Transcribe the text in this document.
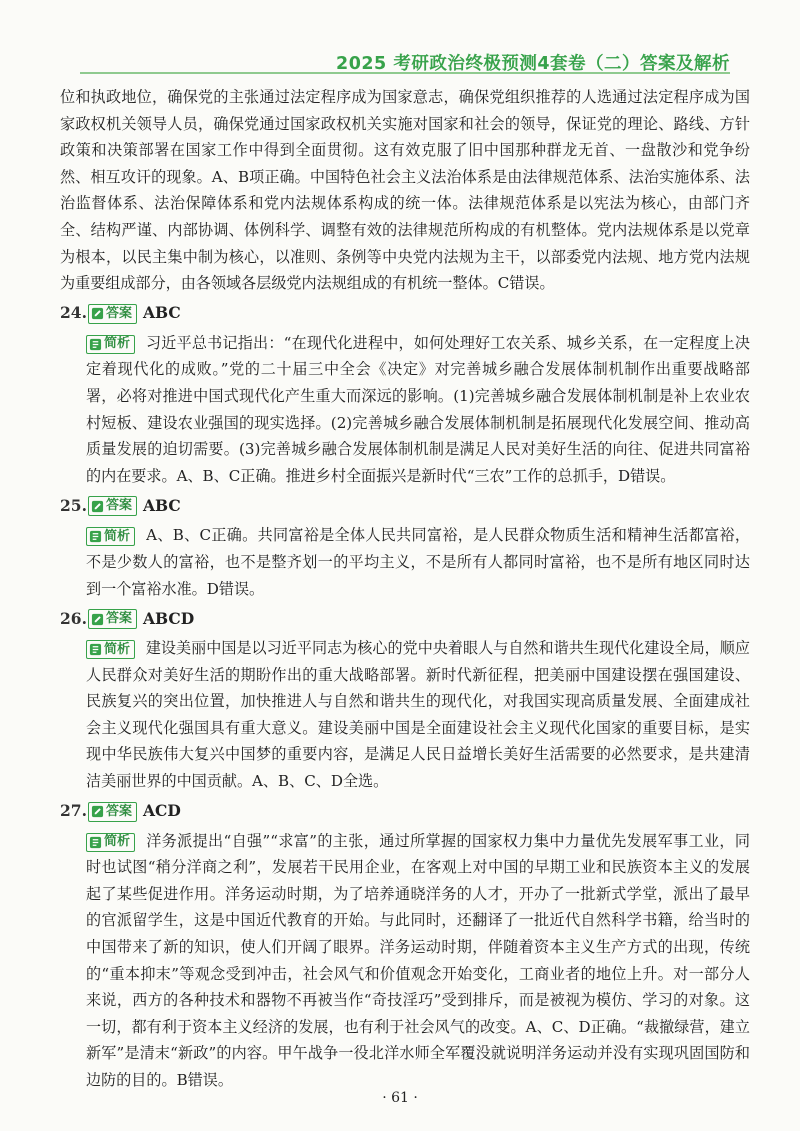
2025 考研政治终极预测4套卷（二）答案及解析

位和执政地位，确保党的主张通过法定程序成为国家意志，确保党组织推荐的人选通过法定程序成为国家政权机关领导人员，确保党通过国家政权机关实施对国家和社会的领导，保证党的理论、路线、方针政策和决策部署在国家工作中得到全面贯彻。这有效克服了旧中国那种群龙无首、一盘散沙和党争纷然、相互攻讦的现象。A、B项正确。中国特色社会主义法治体系是由法律规范体系、法治实施体系、法治监督体系、法治保障体系和党内法规体系构成的统一体。法律规范体系是以宪法为核心，由部门齐全、结构严谨、内部协调、体例科学、调整有效的法律规范所构成的有机整体。党内法规体系是以党章为根本，以民主集中制为核心，以准则、条例等中央党内法规为主干，以部委党内法规、地方党内法规为重要组成部分，由各领域各层级党内法规组成的有机统一整体。C错误。

24. 答案 ABC

简析 习近平总书记指出：“在现代化进程中，如何处理好工农关系、城乡关系，在一定程度上决定着现代化的成败。”党的二十届三中全会《决定》对完善城乡融合发展体制机制作出重要战略部署，必将对推进中国式现代化产生重大而深远的影响。(1)完善城乡融合发展体制机制是补上农业农村短板、建设农业强国的现实选择。(2)完善城乡融合发展体制机制是拓展现代化发展空间、推动高质量发展的迫切需要。(3)完善城乡融合发展体制机制是满足人民对美好生活的向往、促进共同富裕的内在要求。A、B、C正确。推进乡村全面振兴是新时代“三农”工作的总抓手，D错误。

25. 答案 ABC

简析 A、B、C正确。共同富裕是全体人民共同富裕，是人民群众物质生活和精神生活都富裕，不是少数人的富裕，也不是整齐划一的平均主义，不是所有人都同时富裕，也不是所有地区同时达到一个富裕水准。D错误。

26. 答案 ABCD

简析 建设美丽中国是以习近平同志为核心的党中央着眼人与自然和谐共生现代化建设全局，顺应人民群众对美好生活的期盼作出的重大战略部署。新时代新征程，把美丽中国建设摆在强国建设、民族复兴的突出位置，加快推进人与自然和谐共生的现代化，对我国实现高质量发展、全面建成社会主义现代化强国具有重大意义。建设美丽中国是全面建设社会主义现代化国家的重要目标，是实现中华民族伟大复兴中国梦的重要内容，是满足人民日益增长美好生活需要的必然要求，是共建清洁美丽世界的中国贡献。A、B、C、D全选。

27. 答案 ACD

简析 洋务派提出“自强”“求富”的主张，通过所掌握的国家权力集中力量优先发展军事工业，同时也试图“稍分洋商之利”，发展若干民用企业，在客观上对中国的早期工业和民族资本主义的发展起了某些促进作用。洋务运动时期，为了培养通晓洋务的人才，开办了一批新式学堂，派出了最早的官派留学生，这是中国近代教育的开始。与此同时，还翻译了一批近代自然科学书籍，给当时的中国带来了新的知识，使人们开阔了眼界。洋务运动时期，伴随着资本主义生产方式的出现，传统的“重本抑末”等观念受到冲击，社会风气和价值观念开始变化，工商业者的地位上升。对一部分人来说，西方的各种技术和器物不再被当作“奇技淫巧”受到排斥，而是被视为模仿、学习的对象。这一切，都有利于资本主义经济的发展，也有利于社会风气的改变。A、C、D正确。“裁撤绿营，建立新军”是清末“新政”的内容。甲午战争一役北洋水师全军覆没就说明洋务运动并没有实现巩固国防和边防的目的。B错误。

· 61 ·
